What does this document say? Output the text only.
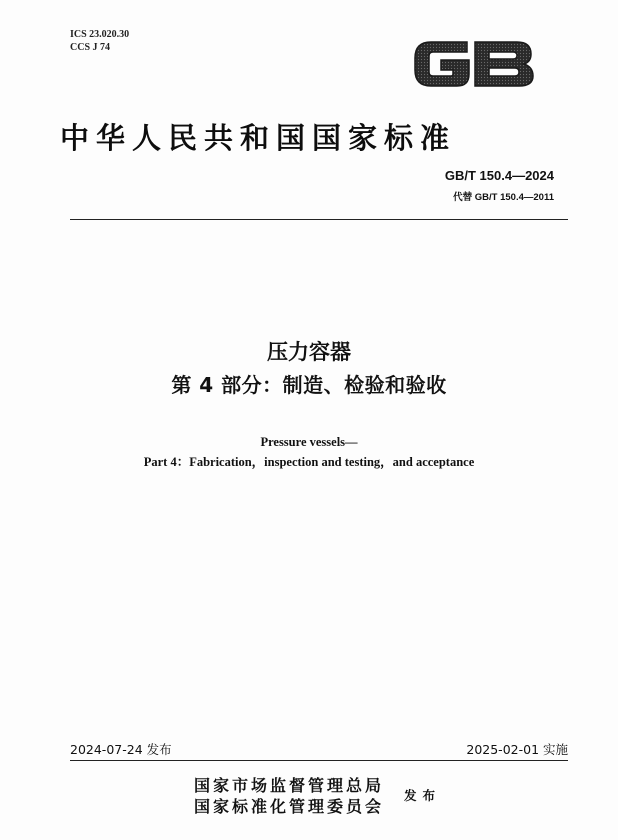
ICS 23.020.30
CCS J 74
中华人民共和国国家标准
GB/T 150.4—2024
代替 GB/T 150.4—2011
压力容器
第 4 部分：制造、检验和验收
Pressure vessels—
Part 4：Fabrication，inspection and testing，and acceptance
2024-07-24 发布	2025-02-01 实施
国家市场监督管理总局
国家标准化管理委员会
发布
